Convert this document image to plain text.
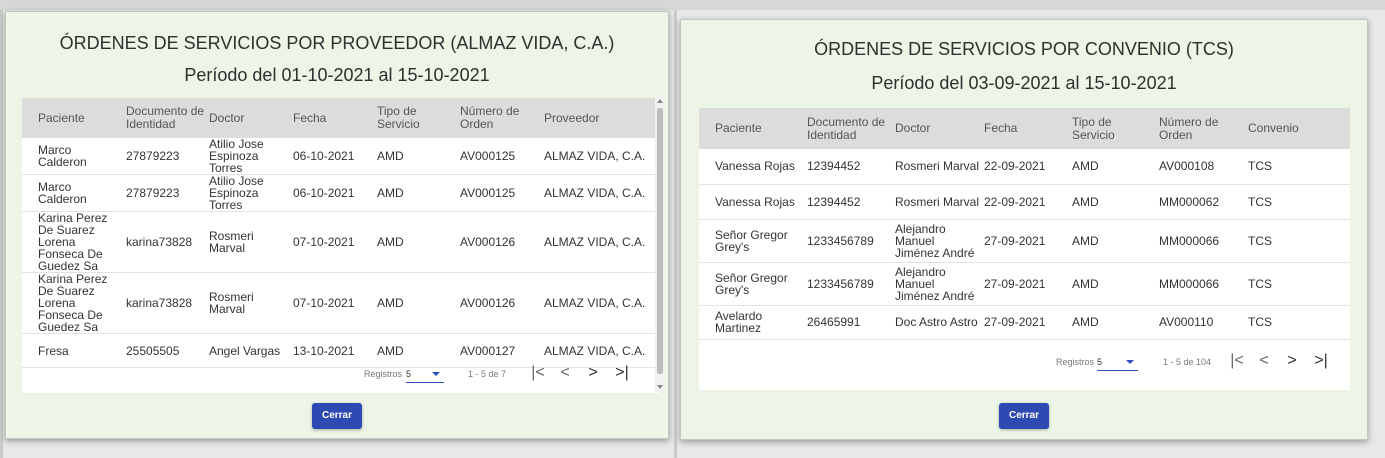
ÓRDENES DE SERVICIOS POR PROVEEDOR (ALMAZ VIDA, C.A.)
Período del 01-10-2021 al 15-10-2021
Paciente	Documento de Identidad	Doctor	Fecha	Tipo de Servicio	Número de Orden	Proveedor
Marco Calderon	27879223	Atilio Jose Espinoza Torres	06-10-2021	AMD	AV000125	ALMAZ VIDA, C.A.
Marco Calderon	27879223	Atilio Jose Espinoza Torres	06-10-2021	AMD	AV000125	ALMAZ VIDA, C.A.
Karina Perez De Suarez Lorena Fonseca De Guedez Sa	karina73828	Rosmeri Marval	07-10-2021	AMD	AV000126	ALMAZ VIDA, C.A.
Karina Perez De Suarez Lorena Fonseca De Guedez Sa	karina73828	Rosmeri Marval	07-10-2021	AMD	AV000126	ALMAZ VIDA, C.A.
Fresa	25505505	Angel Vargas	13-10-2021	AMD	AV000127	ALMAZ VIDA, C.A.
Registros 5	1 - 5 de 7 |< <	>	>|
Cerrar
ÓRDENES DE SERVICIOS POR CONVENIO (TCS)
Período del 03-09-2021 al 15-10-2021
Paciente	Documento de Identidad	Doctor	Fecha	Tipo de Servicio	Número de Orden	Convenio
Vanessa Rojas	12394452	Rosmeri Marval	22-09-2021	AMD	AV000108	TCS
Vanessa Rojas	12394452	Rosmeri Marval	22-09-2021	AMD	MM000062	TCS
Señor Gregor Grey's	1233456789	Alejandro Manuel Jiménez André	27-09-2021	AMD	MM000066	TCS
Señor Gregor Grey's	1233456789	Alejandro Manuel Jiménez André	27-09-2021	AMD	MM000066	TCS
Avelardo Martinez	26465991	Doc Astro Astro	27-09-2021	AMD	AV000110	TCS
Registros 5	1 - 5 de 104 |< <	>	>|
Cerrar
